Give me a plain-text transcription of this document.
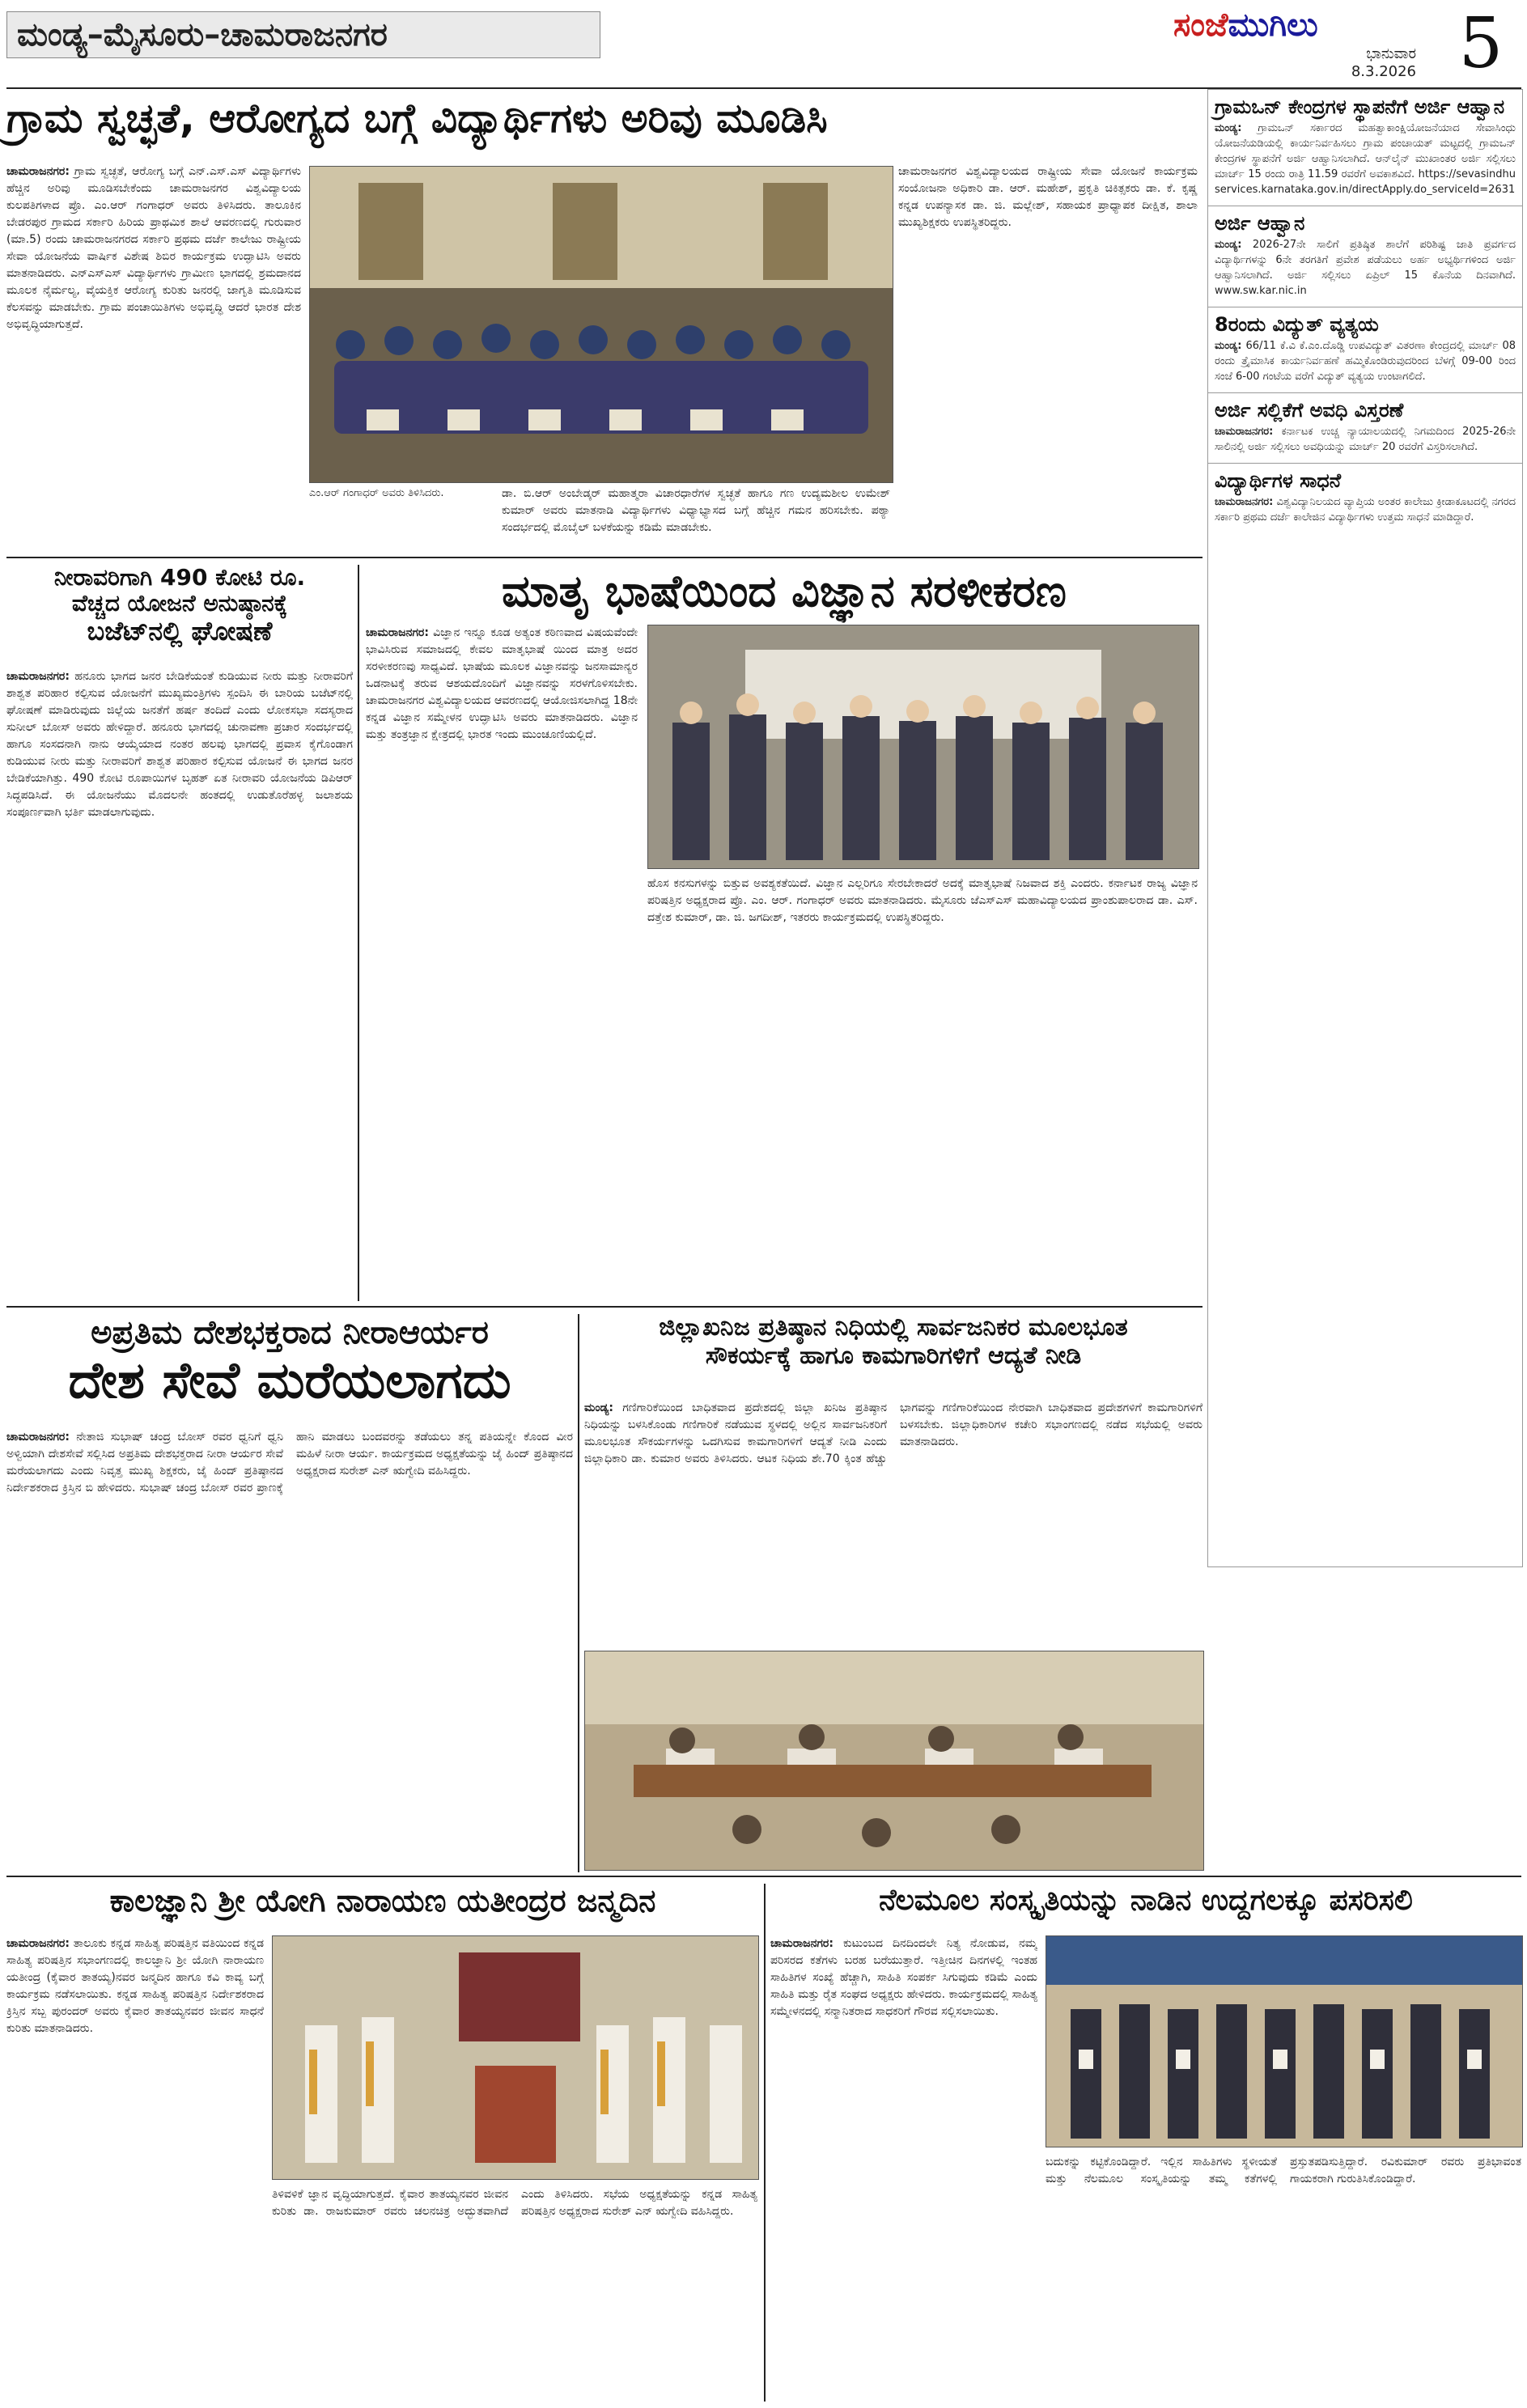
ಮಂಡ್ಯ–ಮೈಸೂರು–ಚಾಮರಾಜನಗರ	ಸಂಜೆಮುಗಿಲು
ಭಾನುವಾರ
8.3.2026 5
ಗ್ರಾಮ ಸ್ವಚ್ಛತೆ, ಆರೋಗ್ಯದ ಬಗ್ಗೆ ವಿದ್ಯಾರ್ಥಿಗಳು ಅರಿವು ಮೂಡಿಸಿ
ಚಾಮರಾಜನಗರ: ಗ್ರಾಮ ಸ್ವಚ್ಛತೆ, ಆರೋಗ್ಯ ಬಗ್ಗೆ ಎನ್‌.ಎಸ್‌.ಎಸ್‌ ವಿದ್ಯಾರ್ಥಿಗಳು ಹೆಚ್ಚಿನ ಅರಿವು ಮೂಡಿಸಬೇಕೆಂದು ಚಾಮರಾಜನಗರ ವಿಶ್ವವಿದ್ಯಾಲಯ ಕುಲಪತಿಗಳಾದ ಪ್ರೊ. ಎಂ.ಆರ್ ಗಂಗಾಧರ್ ಅವರು ತಿಳಿಸಿದರು. ತಾಲೂಕಿನ ಬೇಡರಪುರ ಗ್ರಾಮದ ಸರ್ಕಾರಿ ಹಿರಿಯ ಪ್ರಾಥಮಿಕ ಶಾಲೆ ಆವರಣದಲ್ಲಿ ಗುರುವಾರ (ಮಾ.5) ರಂದು ಚಾಮರಾಜನಗರದ ಸರ್ಕಾರಿ ಪ್ರಥಮ ದರ್ಜೆ ಕಾಲೇಜು ರಾಷ್ಟ್ರೀಯ ಸೇವಾ ಯೋಜನೆಯ ವಾರ್ಷಿಕ ವಿಶೇಷ ಶಿಬಿರ ಕಾರ್ಯಕ್ರಮ ಉದ್ಘಾಟಿಸಿ ಅವರು ಮಾತನಾಡಿದರು. ಎನ್‌ಎಸ್‌ಎಸ್ ವಿದ್ಯಾರ್ಥಿಗಳು ಗ್ರಾಮೀಣ ಭಾಗದಲ್ಲಿ ಶ್ರಮದಾನದ ಮೂಲಕ ನೈರ್ಮಲ್ಯ, ವೈಯಕ್ತಿಕ ಆರೋಗ್ಯ ಕುರಿತು ಜನರಲ್ಲಿ ಜಾಗೃತಿ ಮೂಡಿಸುವ ಕೆಲಸವನ್ನು ಮಾಡಬೇಕು. ಗ್ರಾಮ ಪಂಚಾಯಿತಿಗಳು ಅಭಿವೃದ್ಧಿ ಆದರೆ ಭಾರತ ದೇಶ ಅಭಿವೃದ್ಧಿಯಾಗುತ್ತದೆ.
ಎಂ.ಆರ್ ಗಂಗಾಧರ್ ಅವರು ತಿಳಿಸಿದರು.	ಡಾ. ಬಿ.ಆರ್ ಅಂಬೇಡ್ಕರ್ ಮಹಾತ್ಮರಾ ವಿಚಾರಧಾರೆಗಳ ಸ್ವಚ್ಛತೆ ಹಾಗೂ ಗಣ ಉದ್ಯಮಶೀಲ ಉಮೇಶ್ ಕುಮಾರ್ ಅವರು ಮಾತನಾಡಿ ವಿದ್ಯಾರ್ಥಿಗಳು ವಿಧ್ಯಾಭ್ಯಾಸದ ಬಗ್ಗೆ ಹೆಚ್ಚಿನ ಗಮನ ಹರಿಸಬೇಕು. ಪಠ್ಯಾ ಸಂದರ್ಭದಲ್ಲಿ ಮೊಬೈಲ್ ಬಳಕೆಯನ್ನು ಕಡಿಮೆ ಮಾಡಬೇಕು.
ಚಾಮರಾಜನಗರ ವಿಶ್ವವಿದ್ಯಾಲಯದ ರಾಷ್ಟ್ರೀಯ ಸೇವಾ ಯೋಜನೆ ಕಾರ್ಯಕ್ರಮ ಸಂಯೋಜನಾ ಅಧಿಕಾರಿ ಡಾ. ಆರ್. ಮಹೇಶ್, ಪ್ರಕೃತಿ ಚಿಕಿತ್ಸಕರು ಡಾ. ಕೆ. ಕೃಷ್ಣ ಕನ್ನಡ ಉಪನ್ಯಾಸಕ ಡಾ. ಜಿ. ಮಲ್ಲೇಶ್, ಸಹಾಯಕ ಪ್ರಾಧ್ಯಾಪಕ ದೀಕ್ಷಿತ, ಶಾಲಾ ಮುಖ್ಯಶಿಕ್ಷಕರು ಉಪಸ್ಥಿತರಿದ್ದರು.
ನೀರಾವರಿಗಾಗಿ 490 ಕೋಟಿ ರೂ.
ವೆಚ್ಚದ ಯೋಜನೆ ಅನುಷ್ಠಾನಕ್ಕೆ
ಬಜೆಟ್‌ನಲ್ಲಿ ಘೋಷಣೆ
ಚಾಮರಾಜನಗರ: ಹನೂರು ಭಾಗದ ಜನರ ಬೇಡಿಕೆಯಂತೆ ಕುಡಿಯುವ ನೀರು ಮತ್ತು ನೀರಾವರಿಗೆ ಶಾಶ್ವತ ಪರಿಹಾರ ಕಲ್ಪಿಸುವ ಯೋಜನೆಗೆ ಮುಖ್ಯಮಂತ್ರಿಗಳು ಸ್ಪಂದಿಸಿ ಈ ಬಾರಿಯ ಬಜೆಟ್‌ನಲ್ಲಿ ಘೋಷಣೆ ಮಾಡಿರುವುದು ಜಿಲ್ಲೆಯ ಜನತೆಗೆ ಹರ್ಷ ತಂದಿದೆ ಎಂದು ಲೋಕಸಭಾ ಸದಸ್ಯರಾದ ಸುನೀಲ್ ಬೋಸ್ ಅವರು ಹೇಳಿದ್ದಾರೆ. ಹನೂರು ಭಾಗದಲ್ಲಿ ಚುನಾವಣಾ ಪ್ರಚಾರ ಸಂದರ್ಭದಲ್ಲಿ ಹಾಗೂ ಸಂಸದನಾಗಿ ನಾನು ಆಯ್ಕೆಯಾದ ನಂತರ ಹಲವು ಭಾಗದಲ್ಲಿ ಪ್ರವಾಸ ಕೈಗೊಂಡಾಗ ಕುಡಿಯುವ ನೀರು ಮತ್ತು ನೀರಾವರಿಗೆ ಶಾಶ್ವತ ಪರಿಹಾರ ಕಲ್ಪಿಸುವ ಯೋಜನೆ ಈ ಭಾಗದ ಜನರ ಬೇಡಿಕೆಯಾಗಿತ್ತು. 490 ಕೋಟಿ ರೂಪಾಯಿಗಳ ಬೃಹತ್ ಏತ ನೀರಾವರಿ ಯೋಜನೆಯ ಡಿಪಿಆರ್ ಸಿದ್ಧಪಡಿಸಿದೆ. ಈ ಯೋಜನೆಯು ಮೊದಲನೇ ಹಂತದಲ್ಲಿ ಉಡುತೊರೆಹಳ್ಳ ಜಲಾಶಯ ಸಂಪೂರ್ಣವಾಗಿ ಭರ್ತಿ ಮಾಡಲಾಗುವುದು.
ಮಾತೃ ಭಾಷೆಯಿಂದ ವಿಜ್ಞಾನ ಸರಳೀಕರಣ
ಚಾಮರಾಜನಗರ: ವಿಜ್ಞಾನ ಇನ್ನೂ ಕೂಡ ಅತ್ಯಂತ ಕಠಿಣವಾದ ವಿಷಯವೆಂದೇ ಭಾವಿಸಿರುವ ಸಮಾಜದಲ್ಲಿ ಕೇವಲ ಮಾತೃಭಾಷೆ ಯಿಂದ ಮಾತ್ರ ಅದರ ಸರಳೀಕರಣವು ಸಾಧ್ಯವಿದೆ. ಭಾಷೆಯ ಮೂಲಕ ವಿಜ್ಞಾನವನ್ನು ಜನಸಾಮಾನ್ಯರ ಒಡನಾಟಕ್ಕೆ ತರುವ ಆಶಯದೊಂದಿಗೆ ವಿಜ್ಞಾನವನ್ನು ಸರಳಗೊಳಿಸಬೇಕು. ಚಾಮರಾಜನಗರ ವಿಶ್ವವಿದ್ಯಾಲಯದ ಆವರಣದಲ್ಲಿ ಆಯೋಜಿಸಲಾಗಿದ್ದ 18ನೇ ಕನ್ನಡ ವಿಜ್ಞಾನ ಸಮ್ಮೇಳನ ಉದ್ಘಾಟಿಸಿ ಅವರು ಮಾತನಾಡಿದರು. ವಿಜ್ಞಾನ ಮತ್ತು ತಂತ್ರಜ್ಞಾನ ಕ್ಷೇತ್ರದಲ್ಲಿ ಭಾರತ ಇಂದು ಮುಂಚೂಣಿಯಲ್ಲಿದೆ.
ಹೊಸ ಕನಸುಗಳನ್ನು ಬಿತ್ತುವ ಅವಶ್ಯಕತೆಯಿದೆ. ವಿಜ್ಞಾನ ಎಲ್ಲರಿಗೂ ಸೇರಬೇಕಾದರೆ ಅದಕ್ಕೆ ಮಾತೃಭಾಷೆ ನಿಜವಾದ ಶಕ್ತಿ ಎಂದರು. ಕರ್ನಾಟಕ ರಾಜ್ಯ ವಿಜ್ಞಾನ ಪರಿಷತ್ತಿನ ಅಧ್ಯಕ್ಷರಾದ ಪ್ರೊ. ಎಂ. ಆರ್. ಗಂಗಾಧರ್ ಅವರು ಮಾತನಾಡಿದರು. ಮೈಸೂರು ಜೆಎಸ್‌ಎಸ್ ಮಹಾವಿದ್ಯಾಲಯದ ಪ್ರಾಂಶುಪಾಲರಾದ ಡಾ. ಎಸ್. ದತ್ತೇಶ ಕುಮಾರ್, ಡಾ. ಜಿ. ಜಗದೀಶ್, ಇತರರು ಕಾರ್ಯಕ್ರಮದಲ್ಲಿ ಉಪಸ್ಥಿತರಿದ್ದರು.
ಅಪ್ರತಿಮ ದೇಶಭಕ್ತರಾದ ನೀರಾಆರ್ಯರ
ದೇಶ ಸೇವೆ ಮರೆಯಲಾಗದು
ಚಾಮರಾಜನಗರ: ನೇತಾಜಿ ಸುಭಾಷ್ ಚಂದ್ರ ಬೋಸ್ ರವರ ಧ್ವನಿಗೆ ಧ್ವನಿ ಅಳ್ವಿಯಾಗಿ ದೇಶಸೇವೆ ಸಲ್ಲಿಸಿದ ಅಪ್ರತಿಮ ದೇಶಭಕ್ತರಾದ ನೀರಾ ಆರ್ಯರ ಸೇವೆ ಮರೆಯಲಾಗದು ಎಂದು ನಿವೃತ್ತ ಮುಖ್ಯ ಶಿಕ್ಷಕರು, ಜೈ ಹಿಂದ್ ಪ್ರತಿಷ್ಠಾನದ ನಿರ್ದೇಶಕರಾದ ಕ್ರಿಸ್ತಿನ ಬಿ ಹೇಳಿದರು. ಸುಭಾಷ್ ಚಂದ್ರ ಬೋಸ್ ರವರ ಪ್ರಾಣಕ್ಕೆ ಹಾನಿ ಮಾಡಲು ಬಂದವರನ್ನು ತಡೆಯಲು ತನ್ನ ಪತಿಯನ್ನೇ ಕೊಂದ ವೀರ ಮಹಿಳೆ ನೀರಾ ಆರ್ಯ. ಕಾರ್ಯಕ್ರಮದ ಅಧ್ಯಕ್ಷತೆಯನ್ನು ಜೈ ಹಿಂದ್ ಪ್ರತಿಷ್ಠಾನದ ಅಧ್ಯಕ್ಷರಾದ ಸುರೇಶ್ ಎನ್ ಋಗ್ವೇದಿ ವಹಿಸಿದ್ದರು.
ಜಿಲ್ಲಾಖನಿಜ ಪ್ರತಿಷ್ಠಾನ ನಿಧಿಯಲ್ಲಿ ಸಾರ್ವಜನಿಕರ ಮೂಲಭೂತ
ಸೌಕರ್ಯಕ್ಕೆ ಹಾಗೂ ಕಾಮಗಾರಿಗಳಿಗೆ ಆದ್ಯತೆ ನೀಡಿ
ಮಂಡ್ಯ: ಗಣಿಗಾರಿಕೆಯಿಂದ ಬಾಧಿತವಾದ ಪ್ರದೇಶದಲ್ಲಿ ಜಿಲ್ಲಾ ಖನಿಜ ಪ್ರತಿಷ್ಠಾನ ನಿಧಿಯನ್ನು ಬಳಸಿಕೊಂಡು ಗಣಿಗಾರಿಕೆ ನಡೆಯುವ ಸ್ಥಳದಲ್ಲಿ ಅಲ್ಲಿನ ಸಾರ್ವಜನಿಕರಿಗೆ ಮೂಲಭೂತ ಸೌಕರ್ಯಗಳನ್ನು ಒದಗಿಸುವ ಕಾಮಗಾರಿಗಳಿಗೆ ಆದ್ಯತೆ ನೀಡಿ ಎಂದು ಜಿಲ್ಲಾಧಿಕಾರಿ ಡಾ. ಕುಮಾರ ಅವರು ತಿಳಿಸಿದರು. ಆಟಕ ನಿಧಿಯ ಶೇ.70 ಕ್ಕಿಂತ ಹೆಚ್ಚು ಭಾಗವನ್ನು ಗಣಿಗಾರಿಕೆಯಿಂದ ನೇರವಾಗಿ ಬಾಧಿತವಾದ ಪ್ರದೇಶಗಳಿಗೆ ಕಾಮಗಾರಿಗಳಿಗೆ ಬಳಸಬೇಕು. ಜಿಲ್ಲಾಧಿಕಾರಿಗಳ ಕಚೇರಿ ಸಭಾಂಗಣದಲ್ಲಿ ನಡೆದ ಸಭೆಯಲ್ಲಿ ಅವರು ಮಾತನಾಡಿದರು.
ಗ್ರಾಮಒನ್ ಕೇಂದ್ರಗಳ ಸ್ಥಾಪನೆಗೆ ಅರ್ಜಿ ಆಹ್ವಾನ
ಮಂಡ್ಯ: ಗ್ರಾಮಒನ್ ಸರ್ಕಾರದ ಮಹತ್ವಾಕಾಂಕ್ಷಿಯೋಜನೆಯಾದ ಸೇವಾಸಿಂಧು ಯೋಜನೆಯಡಿಯಲ್ಲಿ ಕಾರ್ಯನಿರ್ವಹಿಸಲು ಗ್ರಾಮ ಪಂಚಾಯತ್ ಮಟ್ಟದಲ್ಲಿ ಗ್ರಾಮಒನ್ ಕೇಂದ್ರಗಳ ಸ್ಥಾಪನೆಗೆ ಅರ್ಜಿ ಆಹ್ವಾನಿಸಲಾಗಿದೆ. ಆನ್‌ಲೈನ್ ಮುಖಾಂತರ ಅರ್ಜಿ ಸಲ್ಲಿಸಲು ಮಾರ್ಚ್ 15 ರಂದು ರಾತ್ರಿ 11.59 ರವರೆಗೆ ಅವಕಾಶವಿದೆ. https://sevasindhuservices.karnataka.gov.in/directApply.do_serviceId=2631
ಅರ್ಜಿ ಆಹ್ವಾನ
ಮಂಡ್ಯ: 2026-27ನೇ ಸಾಲಿಗೆ ಪ್ರತಿಷ್ಠಿತ ಶಾಲೆಗೆ ಪರಿಶಿಷ್ಟ ಜಾತಿ ಪ್ರವರ್ಗದ ವಿದ್ಯಾರ್ಥಿಗಳನ್ನು 6ನೇ ತರಗತಿಗೆ ಪ್ರವೇಶ ಪಡೆಯಲು ಅರ್ಹ ಅಭ್ಯರ್ಥಿಗಳಿಂದ ಅರ್ಜಿ ಆಹ್ವಾನಿಸಲಾಗಿದೆ. ಅರ್ಜಿ ಸಲ್ಲಿಸಲು ಏಪ್ರಿಲ್ 15 ಕೊನೆಯ ದಿನವಾಗಿದೆ. www.sw.kar.nic.in
8ರಂದು ವಿದ್ಯುತ್ ವ್ಯತ್ಯಯ
ಮಂಡ್ಯ: 66/11 ಕೆ.ವಿ ಕೆ.ಎಂ.ದೊಡ್ಡಿ ಉಪವಿದ್ಯುತ್ ವಿತರಣಾ ಕೇಂದ್ರದಲ್ಲಿ ಮಾರ್ಚ್ 08 ರಂದು ತ್ರೈಮಾಸಿಕ ಕಾರ್ಯನಿರ್ವಹಣೆ ಹಮ್ಮಿಕೊಂಡಿರುವುದರಿಂದ ಬೆಳಗ್ಗೆ 09-00 ರಿಂದ ಸಂಜೆ 6-00 ಗಂಟೆಯ ವರೆಗೆ ವಿದ್ಯುತ್ ವ್ಯತ್ಯಯ ಉಂಟಾಗಲಿದೆ.
ಅರ್ಜಿ ಸಲ್ಲಿಕೆಗೆ ಅವಧಿ ವಿಸ್ತರಣೆ
ಚಾಮರಾಜನಗರ: ಕರ್ನಾಟಕ ಉಚ್ಚ ನ್ಯಾಯಾಲಯದಲ್ಲಿ ನಿಗಮದಿಂದ 2025-26ನೇ ಸಾಲಿನಲ್ಲಿ ಅರ್ಜಿ ಸಲ್ಲಿಸಲು ಅವಧಿಯನ್ನು ಮಾರ್ಚ್ 20 ರವರೆಗೆ ವಿಸ್ತರಿಸಲಾಗಿದೆ.
ವಿದ್ಯಾರ್ಥಿಗಳ ಸಾಧನೆ
ಚಾಮರಾಜನಗರ: ವಿಶ್ವವಿದ್ಯಾನಿಲಯದ ವ್ಯಾಪ್ತಿಯ ಅಂತರ ಕಾಲೇಜು ಕ್ರೀಡಾಕೂಟದಲ್ಲಿ ನಗರದ ಸರ್ಕಾರಿ ಪ್ರಥಮ ದರ್ಜೆ ಕಾಲೇಜಿನ ವಿದ್ಯಾರ್ಥಿಗಳು ಉತ್ತಮ ಸಾಧನೆ ಮಾಡಿದ್ದಾರೆ.
ಕಾಲಜ್ಞಾನಿ ಶ್ರೀ ಯೋಗಿ ನಾರಾಯಣ ಯತೀಂದ್ರರ ಜನ್ಮದಿನ
ಚಾಮರಾಜನಗರ: ತಾಲೂಕು ಕನ್ನಡ ಸಾಹಿತ್ಯ ಪರಿಷತ್ತಿನ ವತಿಯಿಂದ ಕನ್ನಡ ಸಾಹಿತ್ಯ ಪರಿಷತ್ತಿನ ಸಭಾಂಗಣದಲ್ಲಿ ಕಾಲಜ್ಞಾನಿ ಶ್ರೀ ಯೋಗಿ ನಾರಾಯಣ ಯತೀಂದ್ರ (ಕೈವಾರ ತಾತಯ್ಯ)ನವರ ಜನ್ಮದಿನ ಹಾಗೂ ಕವಿ ಕಾವ್ಯ ಬಗ್ಗೆ ಕಾರ್ಯಕ್ರಮ ನಡೆಸಲಾಯಿತು. ಕನ್ನಡ ಸಾಹಿತ್ಯ ಪರಿಷತ್ತಿನ ನಿರ್ದೇಶಕರಾದ ಕ್ರಿಸ್ತಿನ ಸಬ್ಬ ಪುರಂದರ್ ಅವರು ಕೈವಾರ ತಾತಯ್ಯನವರ ಜೀವನ ಸಾಧನೆ ಕುರಿತು ಮಾತನಾಡಿದರು.
ತಿಳಿವಳಿಕೆ ಜ್ಞಾನ ವೃದ್ಧಿಯಾಗುತ್ತದೆ. ಕೈವಾರ ತಾತಯ್ಯನವರ ಜೀವನ ಕುರಿತು ಡಾ. ರಾಜಕುಮಾರ್ ರವರು ಚಲನಚಿತ್ರ ಅದ್ಭುತವಾಗಿದೆ ಎಂದು ತಿಳಿಸಿದರು. ಸಭೆಯ ಅಧ್ಯಕ್ಷತೆಯನ್ನು ಕನ್ನಡ ಸಾಹಿತ್ಯ ಪರಿಷತ್ತಿನ ಅಧ್ಯಕ್ಷರಾದ ಸುರೇಶ್ ಎನ್ ಋಗ್ವೇದಿ ವಹಿಸಿದ್ದರು.
ನೆಲಮೂಲ ಸಂಸ್ಕೃತಿಯನ್ನು ನಾಡಿನ ಉದ್ದಗಲಕ್ಕೂ ಪಸರಿಸಲಿ
ಚಾಮರಾಜನಗರ: ಕುಟುಂಬದ ದಿನದಿಂದಲೇ ನಿತ್ಯ ನೋಡುವ, ನಮ್ಮ ಪರಿಸರದ ಕತೆಗಳು ಬರಹ ಬರೆಯುತ್ತಾರೆ. ಇತ್ತೀಚಿನ ದಿನಗಳಲ್ಲಿ ಇಂತಹ ಸಾಹಿತಿಗಳ ಸಂಖ್ಯೆ ಹೆಚ್ಚಾಗಿ, ಸಾಹಿತಿ ಸಂಪರ್ಕ ಸಿಗುವುದು ಕಡಿಮೆ ಎಂದು ಸಾಹಿತಿ ಮತ್ತು ರೈತ ಸಂಘದ ಅಧ್ಯಕ್ಷರು ಹೇಳಿದರು. ಕಾರ್ಯಕ್ರಮದಲ್ಲಿ ಸಾಹಿತ್ಯ ಸಮ್ಮೇಳನದಲ್ಲಿ ಸನ್ಮಾನಿತರಾದ ಸಾಧಕರಿಗೆ ಗೌರವ ಸಲ್ಲಿಸಲಾಯಿತು.
ಬದುಕನ್ನು ಕಟ್ಟಿಕೊಂಡಿದ್ದಾರೆ. ಇಲ್ಲಿನ ಸಾಹಿತಿಗಳು ಸ್ಥಳೀಯತೆ ಮತ್ತು ನೆಲಮೂಲ ಸಂಸ್ಕೃತಿಯನ್ನು ತಮ್ಮ ಕತೆಗಳಲ್ಲಿ ಪ್ರಸ್ತುತಪಡಿಸುತ್ತಿದ್ದಾರೆ. ರವಿಕುಮಾರ್ ರವರು ಪ್ರತಿಭಾವಂತ ಗಾಯಕರಾಗಿ ಗುರುತಿಸಿಕೊಂಡಿದ್ದಾರೆ.
